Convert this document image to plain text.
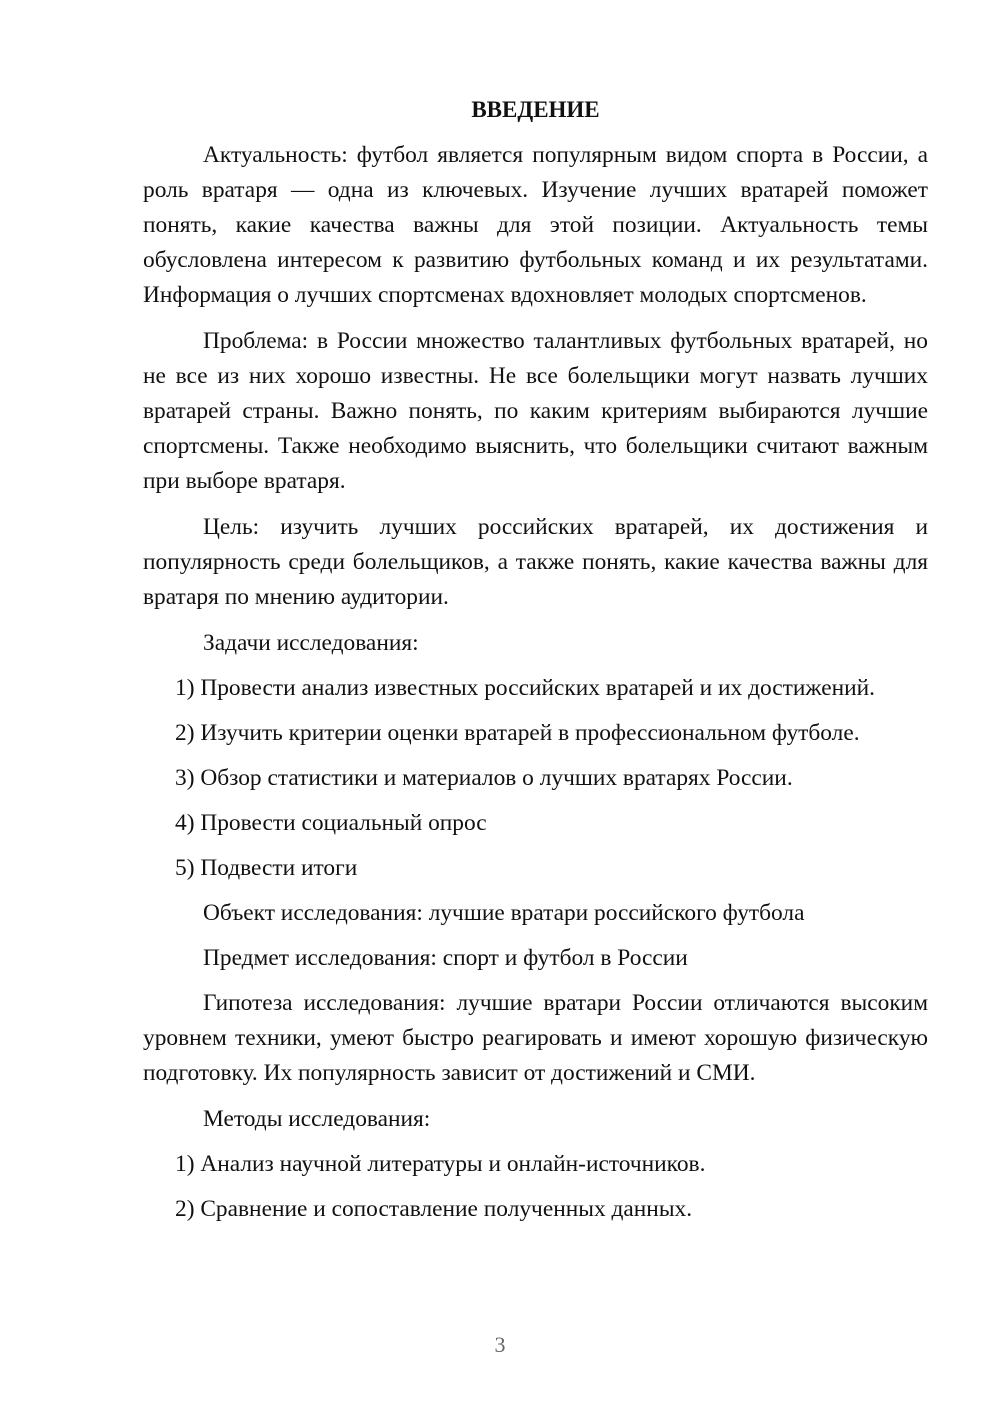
ВВЕДЕНИЕ

Актуальность: футбол является популярным видом спорта в России, а роль вратаря — одна из ключевых. Изучение лучших вратарей поможет понять, какие качества важны для этой позиции. Актуальность темы обусловлена интересом к развитию футбольных команд и их результатами. Информация о лучших спортсменах вдохновляет молодых спортсменов.

Проблема: в России множество талантливых футбольных вратарей, но не все из них хорошо известны. Не все болельщики могут назвать лучших вратарей страны. Важно понять, по каким критериям выбираются лучшие спортсмены. Также необходимо выяснить, что болельщики считают важным при выборе вратаря.

Цель: изучить лучших российских вратарей, их достижения и популярность среди болельщиков, а также понять, какие качества важны для вратаря по мнению аудитории.

Задачи исследования:
1) Провести анализ известных российских вратарей и их достижений.
2) Изучить критерии оценки вратарей в профессиональном футболе.
3) Обзор статистики и материалов о лучших вратарях России.
4) Провести социальный опрос
5) Подвести итоги
Объект исследования: лучшие вратари российского футбола
Предмет исследования: спорт и футбол в России

Гипотеза исследования: лучшие вратари России отличаются высоким уровнем техники, умеют быстро реагировать и имеют хорошую физическую подготовку. Их популярность зависит от достижений и СМИ.

Методы исследования:
1) Анализ научной литературы и онлайн-источников.
2) Сравнение и сопоставление полученных данных.
3
